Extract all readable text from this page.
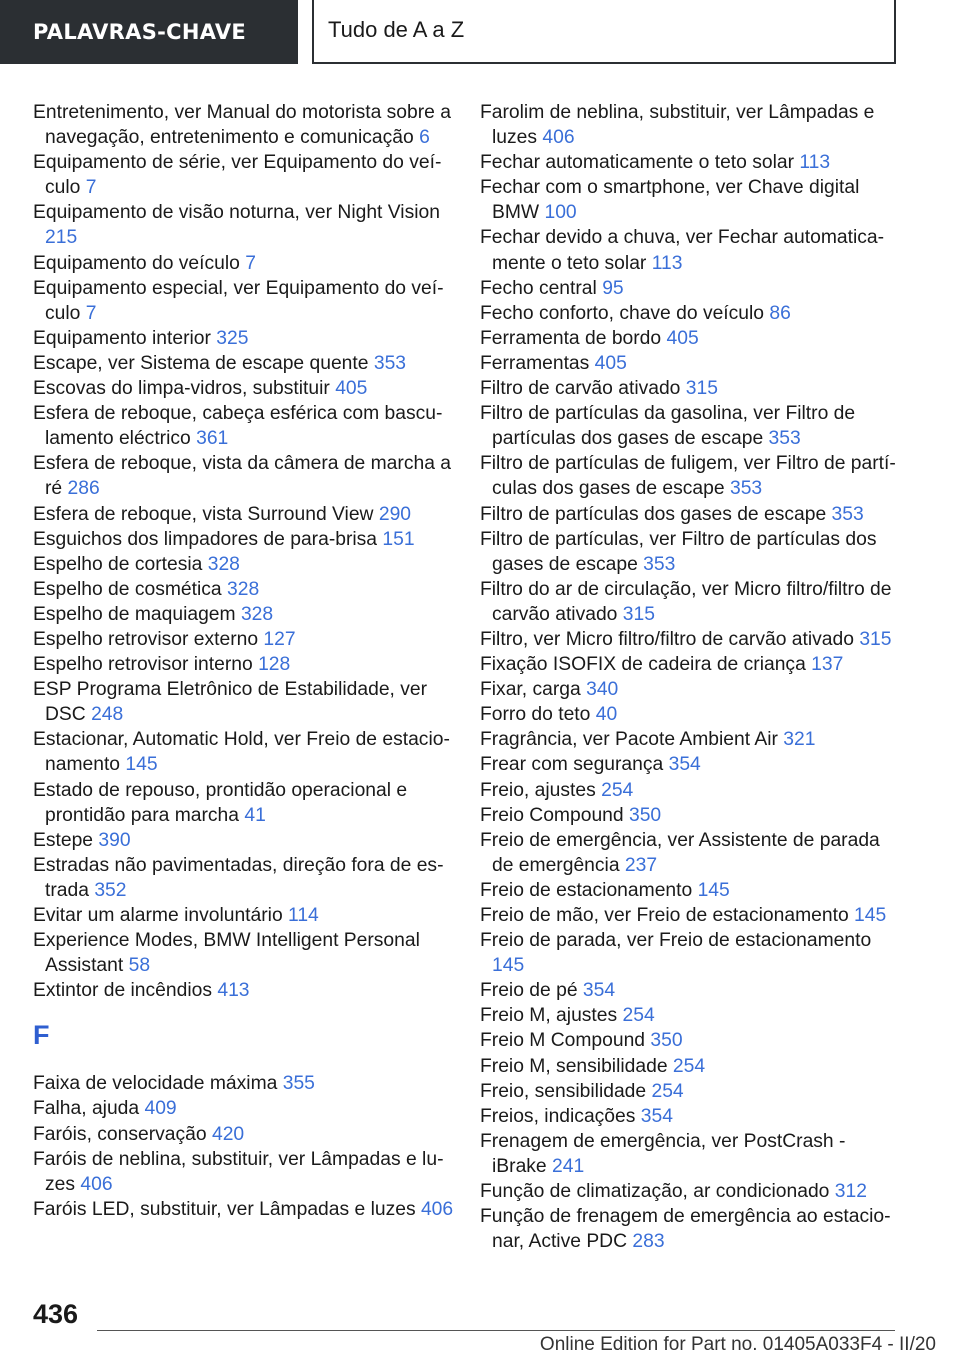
PALAVRAS-CHAVE	Tudo de A a Z

Entretenimento, ver Manual do motorista sobre a navegação, entretenimento e comunicação 6

Equipamento de série, ver Equipamento do veículo 7

Equipamento de visão noturna, ver Night Vision 215

Equipamento do veículo 7

Equipamento especial, ver Equipamento do veículo 7

Equipamento interior 325

Escape, ver Sistema de escape quente 353

Escovas do limpa-vidros, substituir 405

Esfera de reboque, cabeça esférica com basculamento eléctrico 361

Esfera de reboque, vista da câmera de marcha a ré 286

Esfera de reboque, vista Surround View 290

Esguichos dos limpadores de para-brisa 151

Espelho de cortesia 328

Espelho de cosmética 328

Espelho de maquiagem 328

Espelho retrovisor externo 127

Espelho retrovisor interno 128

ESP Programa Eletrônico de Estabilidade, ver DSC 248

Estacionar, Automatic Hold, ver Freio de estacionamento 145

Estado de repouso, prontidão operacional e prontidão para marcha 41

Estepe 390

Estradas não pavimentadas, direção fora de estrada 352

Evitar um alarme involuntário 114

Experience Modes, BMW Intelligent Personal Assistant 58

Extintor de incêndios 413

F

Faixa de velocidade máxima 355

Falha, ajuda 409

Faróis, conservação 420

Faróis de neblina, substituir, ver Lâmpadas e luzes 406

Faróis LED, substituir, ver Lâmpadas e luzes 406

Farolim de neblina, substituir, ver Lâmpadas e luzes 406

Fechar automaticamente o teto solar 113

Fechar com o smartphone, ver Chave digital BMW 100

Fechar devido a chuva, ver Fechar automaticamente o teto solar 113

Fecho central 95

Fecho conforto, chave do veículo 86

Ferramenta de bordo 405

Ferramentas 405

Filtro de carvão ativado 315

Filtro de partículas da gasolina, ver Filtro de partículas dos gases de escape 353

Filtro de partículas de fuligem, ver Filtro de partículas dos gases de escape 353

Filtro de partículas dos gases de escape 353

Filtro de partículas, ver Filtro de partículas dos gases de escape 353

Filtro do ar de circulação, ver Micro filtro/filtro de carvão ativado 315

Filtro, ver Micro filtro/filtro de carvão ativado 315

Fixação ISOFIX de cadeira de criança 137

Fixar, carga 340

Forro do teto 40

Fragrância, ver Pacote Ambient Air 321

Frear com segurança 354

Freio, ajustes 254

Freio Compound 350

Freio de emergência, ver Assistente de parada de emergência 237

Freio de estacionamento 145

Freio de mão, ver Freio de estacionamento 145

Freio de parada, ver Freio de estacionamento 145

Freio de pé 354

Freio M, ajustes 254

Freio M Compound 350

Freio M, sensibilidade 254

Freio, sensibilidade 254

Freios, indicações 354

Frenagem de emergência, ver PostCrash - iBrake 241

Função de climatização, ar condicionado 312

Função de frenagem de emergência ao estacionar, Active PDC 283

436
Online Edition for Part no. 01405A033F4 - II/20
